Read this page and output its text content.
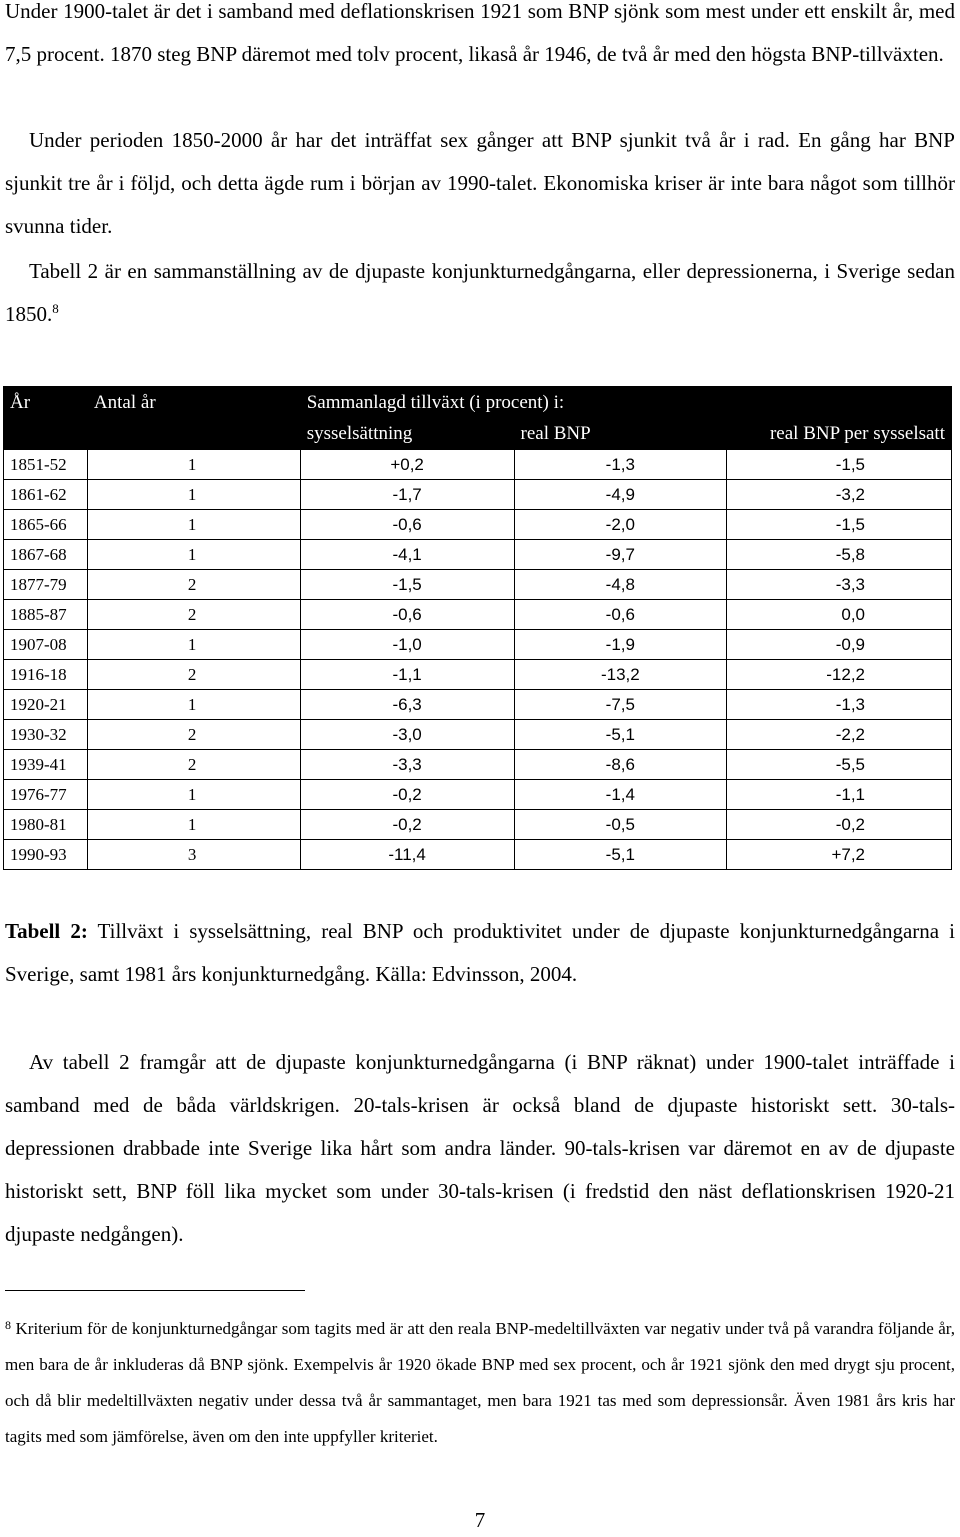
Under 1900-talet är det i samband med deflationskrisen 1921 som BNP sjönk som mest under ett enskilt år, med 7,5 procent. 1870 steg BNP däremot med tolv procent, likaså år 1946, de två år med den högsta BNP-tillväxten.

Under perioden 1850-2000 år har det inträffat sex gånger att BNP sjunkit två år i rad. En gång har BNP sjunkit tre år i följd, och detta ägde rum i början av 1990-talet. Ekonomiska kriser är inte bara något som tillhör svunna tider.

Tabell 2 är en sammanställning av de djupaste konjunkturnedgångarna, eller depressionerna, i Sverige sedan 1850.$^8$

År	Antal år	Sammanlagd tillväxt (i procent) i:		
		sysselsättning	real BNP	real BNP per sysselsatt
1851-52	1	+0,2	-1,3	-1,5
1861-62	1	-1,7	-4,9	-3,2
1865-66	1	-0,6	-2,0	-1,5
1867-68	1	-4,1	-9,7	-5,8
1877-79	2	-1,5	-4,8	-3,3
1885-87	2	-0,6	-0,6	0,0
1907-08	1	-1,0	-1,9	-0,9
1916-18	2	-1,1	-13,2	-12,2
1920-21	1	-6,3	-7,5	-1,3
1930-32	2	-3,0	-5,1	-2,2
1939-41	2	-3,3	-8,6	-5,5
1976-77	1	-0,2	-1,4	-1,1
1980-81	1	-0,2	-0,5	-0,2
1990-93	3	-11,4	-5,1	+7,2

Tabell 2: Tillväxt i sysselsättning, real BNP och produktivitet under de djupaste konjunkturnedgångarna i Sverige, samt 1981 års konjunkturnedgång. Källa: Edvinsson, 2004.

Av tabell 2 framgår att de djupaste konjunkturnedgångarna (i BNP räknat) under 1900-talet inträffade i samband med de båda världskrigen. 20-tals-krisen är också bland de djupaste historiskt sett. 30-tals-depressionen drabbade inte Sverige lika hårt som andra länder. 90-tals-krisen var däremot en av de djupaste historiskt sett, BNP föll lika mycket som under 30-tals-krisen (i fredstid den näst deflationskrisen 1920-21 djupaste nedgången).

$^8$ Kriterium för de konjunkturnedgångar som tagits med är att den reala BNP-medeltillväxten var negativ under två på varandra följande år, men bara de år inkluderas då BNP sjönk. Exempelvis år 1920 ökade BNP med sex procent, och år 1921 sjönk den med drygt sju procent, och då blir medeltillväxten negativ under dessa två år sammantaget, men bara 1921 tas med som depressionsår. Även 1981 års kris har tagits med som jämförelse, även om den inte uppfyller kriteriet.

7
